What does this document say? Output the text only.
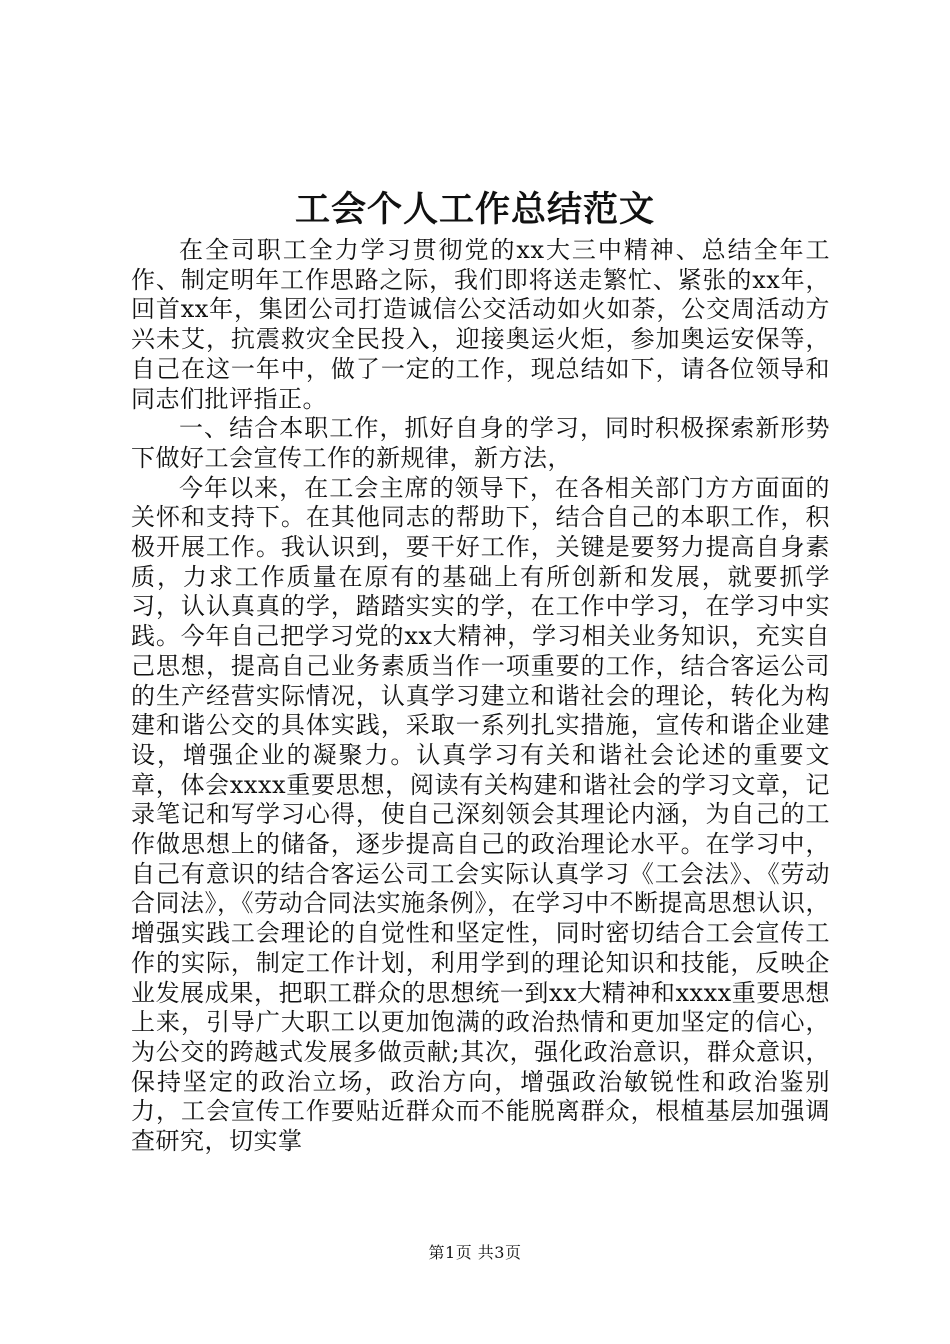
工会个人工作总结范文

在全司职工全力学习贯彻党的xx大三中精神、总结全年工作、制定明年工作思路之际，我们即将送走繁忙、紧张的xx年，回首xx年，集团公司打造诚信公交活动如火如荼，公交周活动方兴未艾，抗震救灾全民投入，迎接奥运火炬，参加奥运安保等，自己在这一年中，做了一定的工作，现总结如下，请各位领导和同志们批评指正。

一、结合本职工作，抓好自身的学习，同时积极探索新形势下做好工会宣传工作的新规律，新方法，

今年以来，在工会主席的领导下，在各相关部门方方面面的关怀和支持下。在其他同志的帮助下，结合自己的本职工作，积极开展工作。我认识到，要干好工作，关键是要努力提高自身素质，力求工作质量在原有的基础上有所创新和发展，就要抓学习，认认真真的学，踏踏实实的学，在工作中学习，在学习中实践。今年自己把学习党的xx大精神，学习相关业务知识，充实自己思想，提高自己业务素质当作一项重要的工作，结合客运公司的生产经营实际情况，认真学习建立和谐社会的理论，转化为构建和谐公交的具体实践，采取一系列扎实措施，宣传和谐企业建设，增强企业的凝聚力。认真学习有关和谐社会论述的重要文章，体会xxxx重要思想，阅读有关构建和谐社会的学习文章，记录笔记和写学习心得，使自己深刻领会其理论内涵，为自己的工作做思想上的储备，逐步提高自己的政治理论水平。在学习中，自己有意识的结合客运公司工会实际认真学习《工会法》、《劳动合同法》，《劳动合同法实施条例》，在学习中不断提高思想认识，增强实践工会理论的自觉性和坚定性，同时密切结合工会宣传工作的实际，制定工作计划，利用学到的理论知识和技能，反映企业发展成果，把职工群众的思想统一到xx大精神和xxxx重要思想上来，引导广大职工以更加饱满的政治热情和更加坚定的信心，为公交的跨越式发展多做贡献;其次，强化政治意识，群众意识，保持坚定的政治立场，政治方向，增强政治敏锐性和政治鉴别力，工会宣传工作要贴近群众而不能脱离群众，根植基层加强调查研究，切实掌

第1页 共3页
